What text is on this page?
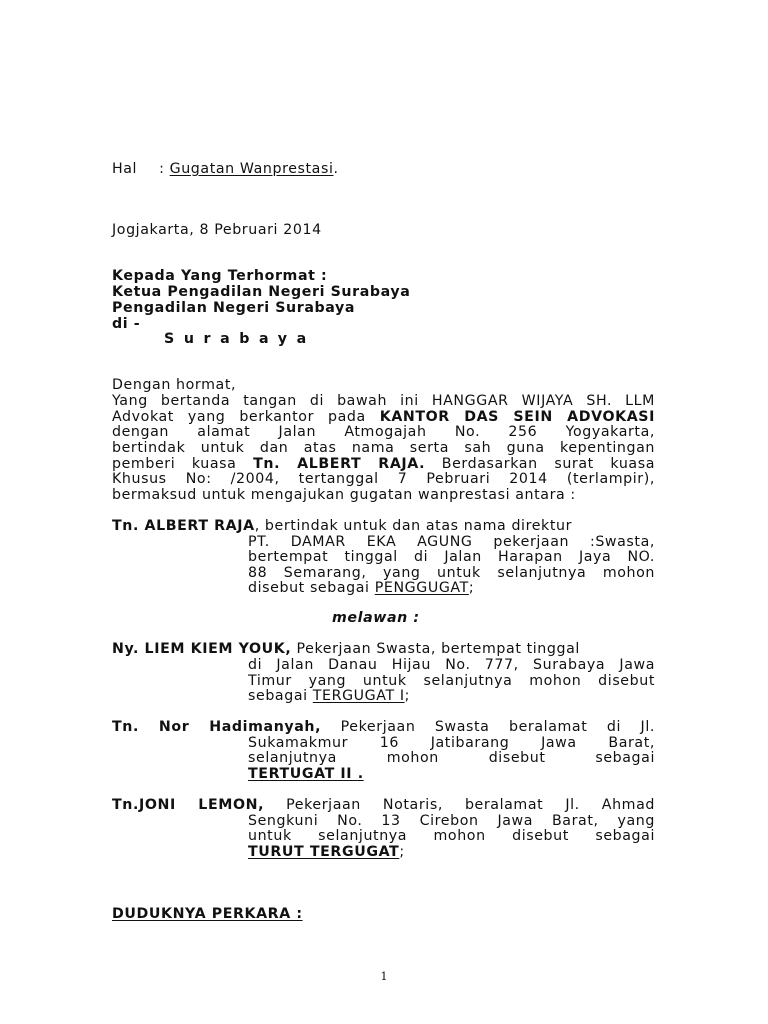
Hal : Gugatan Wanprestasi.
Jogjakarta, 8 Pebruari 2014
Kepada Yang Terhormat :
Ketua Pengadilan Negeri Surabaya
Pengadilan Negeri Surabaya
di -
Surabaya
Dengan hormat,
Yang bertanda tangan di bawah ini HANGGAR WIJAYA SH. LLM
Advokat yang berkantor pada KANTOR DAS SEIN ADVOKASI
dengan alamat Jalan Atmogajah No. 256 Yogyakarta,
bertindak untuk dan atas nama serta sah guna kepentingan
pemberi kuasa Tn. ALBERT RAJA. Berdasarkan surat kuasa
Khusus No: /2004, tertanggal 7 Pebruari 2014 (terlampir),
bermaksud untuk mengajukan gugatan wanprestasi antara :
Tn. ALBERT RAJA, bertindak untuk dan atas nama direktur
PT. DAMAR EKA AGUNG pekerjaan :Swasta,
bertempat tinggal di Jalan Harapan Jaya NO.
88 Semarang, yang untuk selanjutnya mohon
disebut sebagai PENGGUGAT;
melawan :
Ny. LIEM KIEM YOUK, Pekerjaan Swasta, bertempat tinggal
di Jalan Danau Hijau No. 777, Surabaya Jawa
Timur yang untuk selanjutnya mohon disebut
sebagai TERGUGAT I;
Tn. Nor Hadimanyah, Pekerjaan Swasta beralamat di Jl.
Sukamakmur 16 Jatibarang Jawa Barat,
selanjutnya	mohon	disebut	sebagai
TERTUGAT II .
Tn.JONI LEMON, Pekerjaan Notaris, beralamat Jl. Ahmad
Sengkuni No. 13 Cirebon Jawa Barat, yang
untuk selanjutnya mohon disebut sebagai
TURUT TERGUGAT;
DUDUKNYA PERKARA :
1
